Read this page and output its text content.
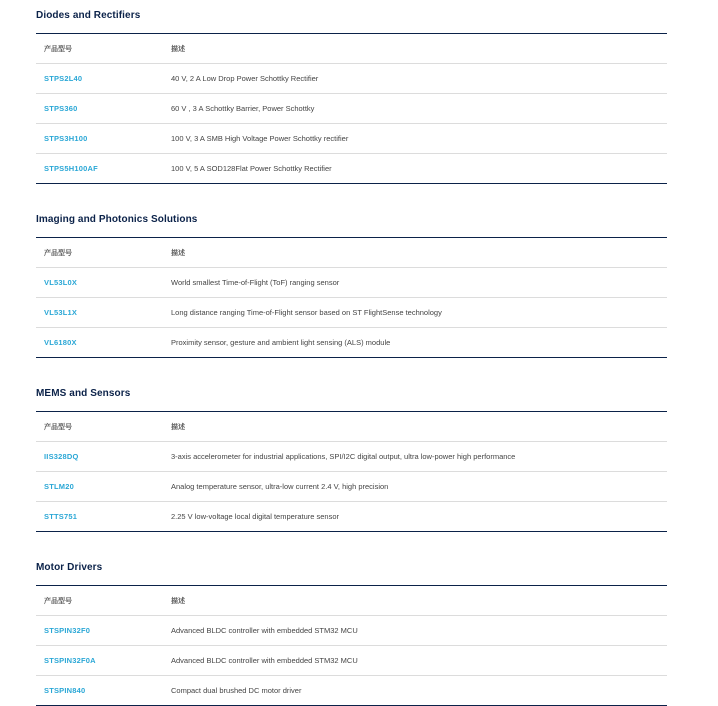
Diodes and Rectifiers
产品型号	描述
STPS2L40	40 V, 2 A Low Drop Power Schottky Rectifier
STPS360	60 V , 3 A Schottky Barrier, Power Schottky
STPS3H100	100 V, 3 A SMB High Voltage Power Schottky rectifier
STPS5H100AF	100 V, 5 A SOD128Flat Power Schottky Rectifier
Imaging and Photonics Solutions
产品型号	描述
VL53L0X	World smallest Time-of-Flight (ToF) ranging sensor
VL53L1X	Long distance ranging Time-of-Flight sensor based on ST FlightSense technology
VL6180X	Proximity sensor, gesture and ambient light sensing (ALS) module
MEMS and Sensors
产品型号	描述
IIS328DQ	3-axis accelerometer for industrial applications, SPI/I2C digital output, ultra low-power high performance
STLM20	Analog temperature sensor, ultra-low current 2.4 V, high precision
STTS751	2.25 V low-voltage local digital temperature sensor
Motor Drivers
产品型号	描述
STSPIN32F0	Advanced BLDC controller with embedded STM32 MCU
STSPIN32F0A	Advanced BLDC controller with embedded STM32 MCU
STSPIN840	Compact dual brushed DC motor driver
